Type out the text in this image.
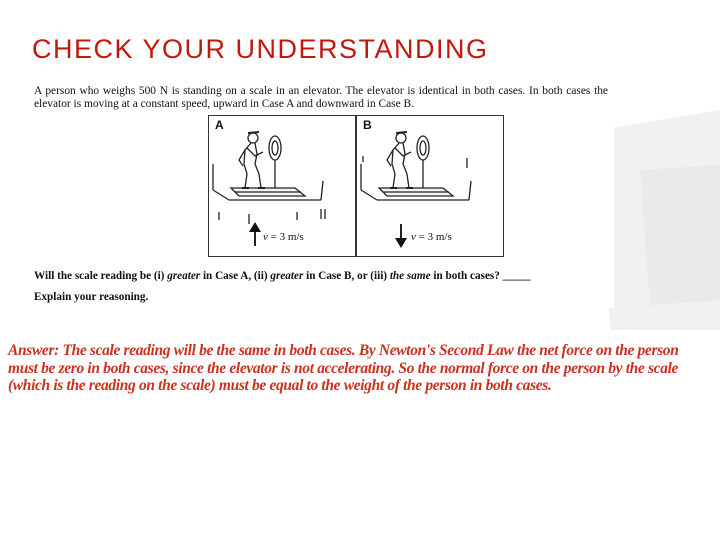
CHECK YOUR UNDERSTANDING
A person who weighs 500 N is standing on a scale in an elevator. The elevator is identical in both cases. In both cases the elevator is moving at a constant speed, upward in Case A and downward in Case B.
A
v = 3 m/s
B
v = 3 m/s
Will the scale reading be (i) greater in Case A, (ii) greater in Case B, or (iii) the same in both cases? _____
Explain your reasoning.
Answer: The scale reading will be the same in both cases. By Newton's Second Law the net force on the person must be zero in both cases, since the elevator is not accelerating. So the normal force on the person by the scale (which is the reading on the scale) must be equal to the weight of the person in both cases.
